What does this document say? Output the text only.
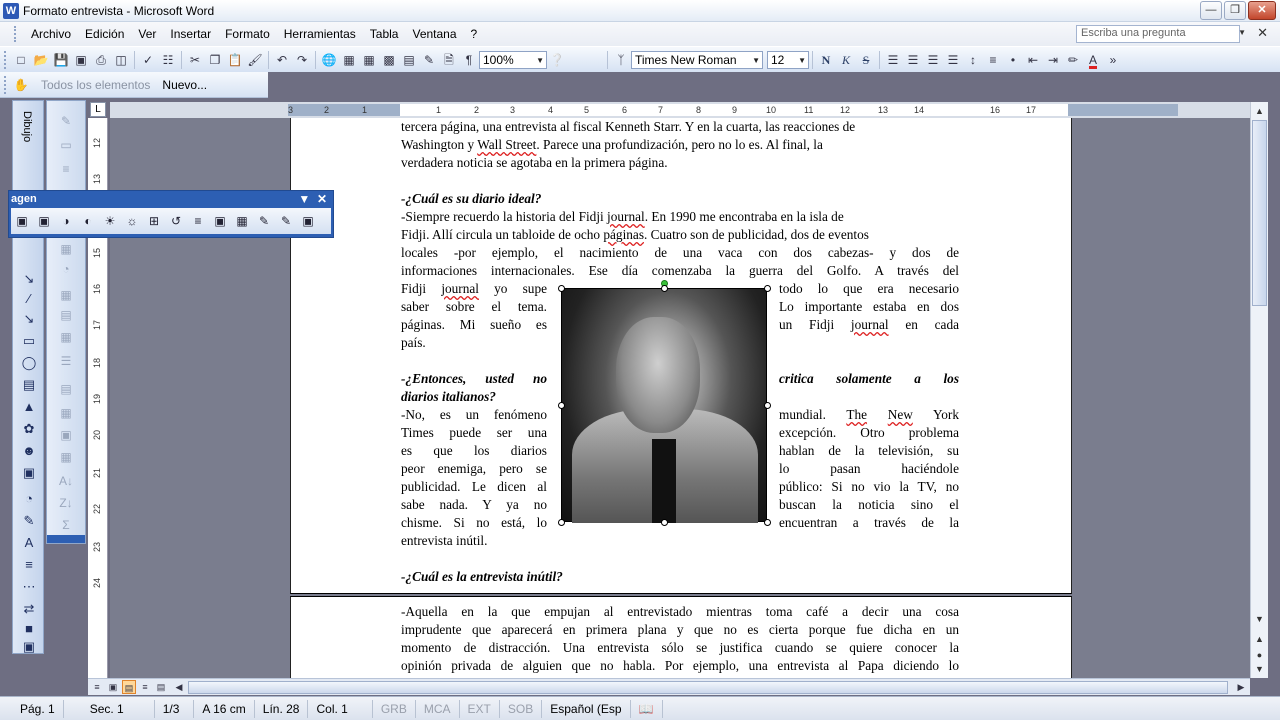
W Formato entrevista - Microsoft Word	—	❐	✕
Archivo	Edición	Ver	Insertar	Formato	Herramientas	Tabla	Ventana	?	Escriba una pregunta	▼ ✕
□ 📂 💾 ▣ ⎙ ◫ ✓ ☷ ✂ ❐ 📋 🖌 ↶ ↷ 🌐 ▦ ▦ ▩ ▤ ✎ 🗎 ¶ 100%	▼ ❔	ᛉ Times New Roman ▼ 12 ▼	N K	S	☰ ☰ ☰ ☰ ↕	≡	•	⇤ ⇥ ✏ A	»
✋ Todos los elementos Nuevo...
Dibujo
↘
∕
↘
▭
◯
▤
▲
✿
☻
▣
◔
✎
A
≡
⋯
⇄
■
▣
✎
▭
≡
▦
◔
▦
▤
▦
☰
▤
▦
▣
▦
A↓
Z↓
Σ
L	3	2	1	1	2	3	4	5	6	7	8	9	10	11	12	13	14	16	17
12
13
15
16
17
18
19
20
21
22
23
24
tercera página, una entrevista al fiscal Kenneth Starr. Y en la cuarta, las reacciones de
Washington y Wall Street. Parece una profundización, pero no lo es. Al final, la
verdadera noticia se agotaba en la primera página.
-¿Cuál es su diario ideal?
-Siempre recuerdo la historia del Fidji journal. En 1990 me encontraba en la isla de
Fidji. Allí circula un tabloide de ocho páginas. Cuatro son de publicidad, dos de eventos
locales -por ejemplo, el nacimiento de una vaca con dos cabezas- y dos de
informaciones internacionales. Ese día comenzaba la guerra del Golfo. A través del
Fidji journal yo supe
saber sobre el tema.
páginas. Mi sueño es
país.
todo lo que era necesario
Lo importante estaba en dos
un Fidji journal en cada
-¿Entonces, usted no
diarios italianos?
critica solamente a los
-No, es un fenómeno
Times puede ser una
es que los diarios
peor enemiga, pero se
publicidad. Le dicen al
sabe nada. Y ya no
chisme. Si no está, lo
entrevista inútil.
mundial. The New York
excepción. Otro problema
hablan de la televisión, su
lo pasan haciéndole
público: Si no vio la TV, no
buscan la noticia sino el
encuentran a través de la
-¿Cuál es la entrevista inútil?
-Aquella en la que empujan al entrevistado mientras toma café a decir una cosa
imprudente que aparecerá en primera plana y que no es cierta porque fue dicha en un
momento de distracción. Una entrevista sólo se justifica cuando se quiere conocer la
opinión privada de alguien que no habla. Por ejemplo, una entrevista al Papa diciendo lo
agen	▼ ✕
▣ ▣	◑	◐	☀ ☼ ⊞ ↺	≡	▣ ▦ ✎ ✎ ▣
▲
▼
▲
●
▼
≡	▣ ▤	≡	▤	◀	▶
Pág. 1	Sec. 1	1/3	A 16 cm	Lín. 28	Col. 1	GRB	MCA	EXT	SOB	Español (Esp	📖
